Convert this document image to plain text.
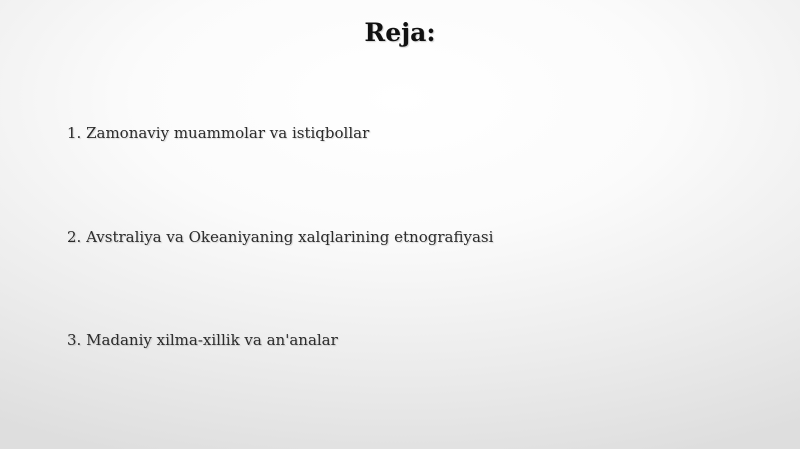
Reja:
1. Zamonaviy muammolar va istiqbollar
2. Avstraliya va Okeaniyaning xalqlarining etnografiyasi
3. Madaniy xilma-xillik va an'analar
